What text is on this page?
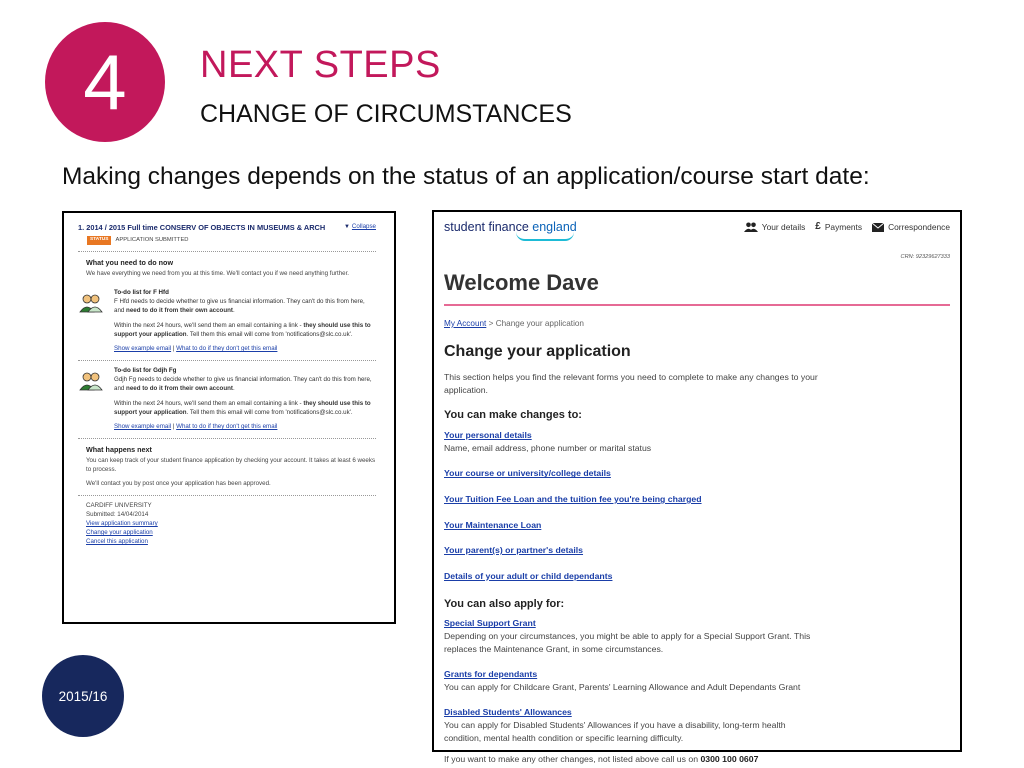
4 NEXT STEPS
CHANGE OF CIRCUMSTANCES
Making changes depends on the status of an application/course start date:
2015/16
1. 2014 / 2015 Full time CONSERV OF OBJECTS IN MUSEUMS & ARCH	▼ Collapse
STATUS	APPLICATION SUBMITTED
What you need to do now

We have everything we need from you at this time. We'll contact you if we need anything further.

To-do list for F Hfd
F Hfd needs to decide whether to give us financial information. They can't do this from here, and need to do it from their own account.
Within the next 24 hours, we'll send them an email containing a link - they should use this to support your application. Tell them this email will come from 'notifications@slc.co.uk'.
Show example email | What to do if they don't get this email
To-do list for Gdjh Fg
Gdjh Fg needs to decide whether to give us financial information. They can't do this from here, and need to do it from their own account.
Within the next 24 hours, we'll send them an email containing a link - they should use this to support your application. Tell them this email will come from 'notifications@slc.co.uk'.
Show example email | What to do if they don't get this email
What happens next

You can keep track of your student finance application by checking your account. It takes at least 6 weeks to process.

We'll contact you by post once your application has been approved.

CARDIFF UNIVERSITY
Submitted: 14/04/2014
View application summary
Change your application
Cancel this application
student finance england	Your details £ Payments	Correspondence
CRN: 92329627333
Welcome Dave
My Account > Change your application
Change your application

This section helps you find the relevant forms you need to complete to make any changes to your application.

You can make changes to:
Your personal details

Name, email address, phone number or marital status

Your course or university/college details
Your Tuition Fee Loan and the tuition fee you're being charged
Your Maintenance Loan
Your parent(s) or partner's details
Details of your adult or child dependants
You can also apply for:
Special Support Grant

Depending on your circumstances, you might be able to apply for a Special Support Grant. This replaces the Maintenance Grant, in some circumstances.

Grants for dependants

You can apply for Childcare Grant, Parents' Learning Allowance and Adult Dependants Grant

Disabled Students' Allowances

You can apply for Disabled Students' Allowances if you have a disability, long-term health condition, mental health condition or specific learning difficulty.

If you want to make any other changes, not listed above call us on 0300 100 0607
